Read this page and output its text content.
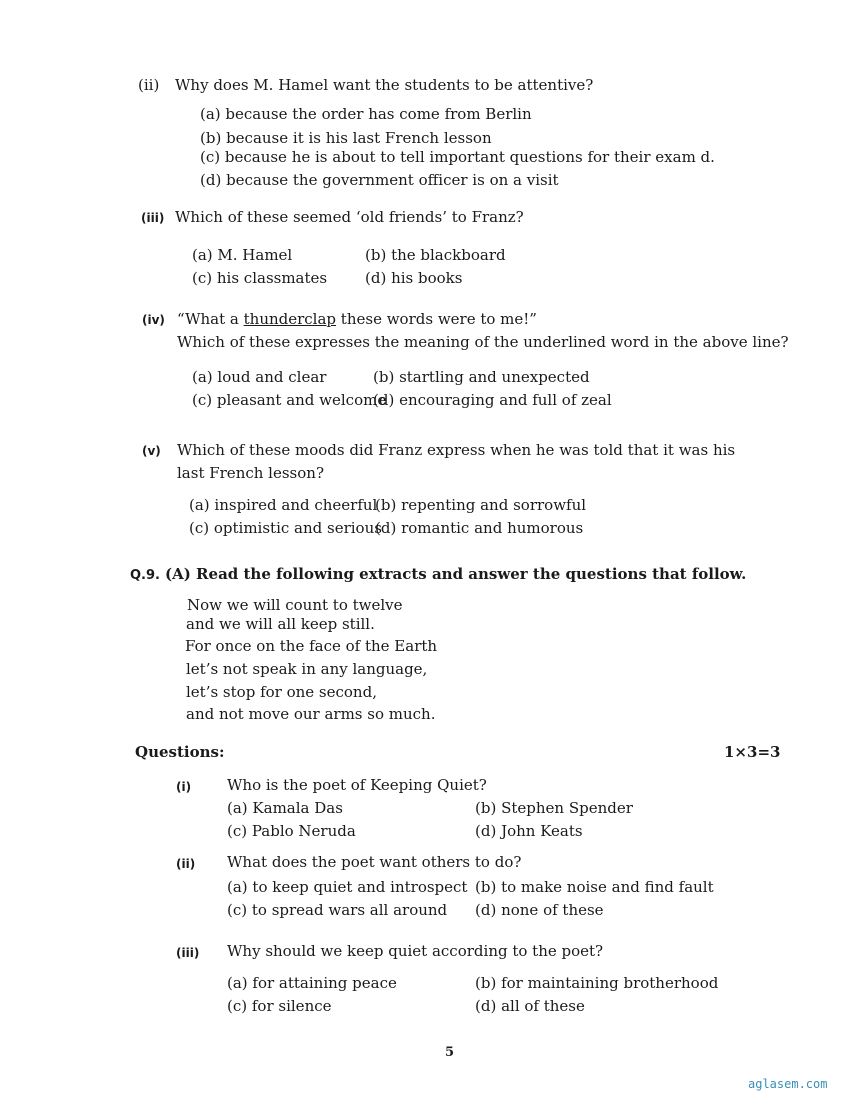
(ii) Why does M. Hamel want the students to be attentive?
(a) because the order has come from Berlin
(b) because it is his last French lesson
(c) because he is about to tell important questions for their exam d.
(d) because the government officer is on a visit
(iii) Which of these seemed ‘old friends’ to Franz?
(a) M. Hamel	(b) the blackboard
(c) his classmates	(d) his books
(iv) “What a thunderclap these words were to me!”
Which of these expresses the meaning of the underlined word in the above line?
(a) loud and clear	(b) startling and unexpected
(c) pleasant and welcome
(d) encouraging and full of zeal
(v) Which of these moods did Franz express when he was told that it was his
last French lesson?
(a) inspired and cheerful
(b) repenting and sorrowful
(c) optimistic and serious
(d) romantic and humorous
Q.9. (A) Read the following extracts and answer the questions that follow.
Now we will count to twelve
and we will all keep still.
For once on the face of the Earth
let’s not speak in any language,
let’s stop for one second,
and not move our arms so much.
Questions:	1×3=3
(i) Who is the poet of Keeping Quiet?
(a) Kamala Das	(b) Stephen Spender
(c) Pablo Neruda	(d) John Keats
(ii) What does the poet want others to do?
(a) to keep quiet and introspect (b) to make noise and find fault
(c) to spread wars all around (d) none of these
(iii) Why should we keep quiet according to the poet?
(a) for attaining peace	(b) for maintaining brotherhood
(c) for silence	(d) all of these
5
aglasem.com
